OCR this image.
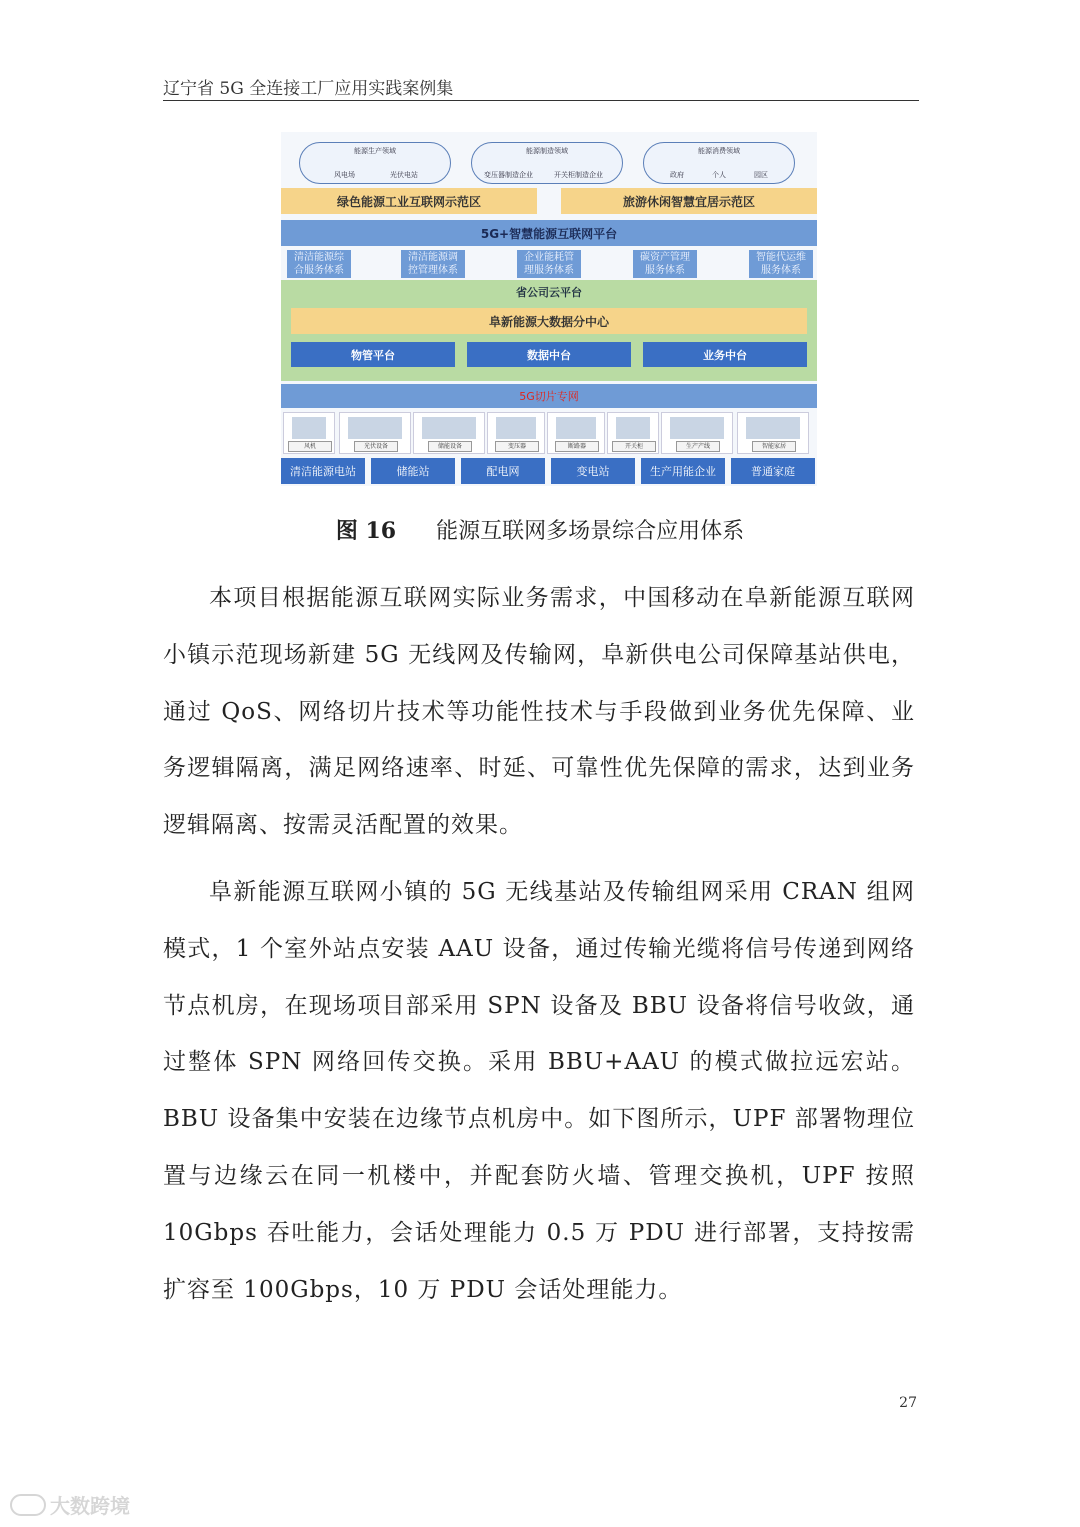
辽宁省 5G 全连接工厂应用实践案例集
能源生产领域
风电场	光伏电站
能源制造领域
变压器制造企业	开关柜制造企业
能源消费领域
政府	个人	园区
绿色能源工业互联网示范区	旅游休闲智慧宜居示范区
5G+智慧能源互联网平台
清洁能源综
合服务体系
清洁能源调
控管理体系
企业能耗管
理服务体系
碳资产管理
服务体系
智能代运维
服务体系
省公司云平台
阜新能源大数据分中心
物管平台	数据中台	业务中台
5G切片专网
风机	光伏设备	储能设备	变压器	断路器	开关柜	生产产线	智能家居
清洁能源电站	储能站	配电网	变电站	生产用能企业	普通家庭
图 16 能源互联网多场景综合应用体系

本项目根据能源互联网实际业务需求，中国移动在阜新能源互联网小镇示范现场新建 5G 无线网及传输网，阜新供电公司保障基站供电，通过 QoS、网络切片技术等功能性技术与手段做到业务优先保障、业务逻辑隔离，满足网络速率、时延、可靠性优先保障的需求，达到业务逻辑隔离、按需灵活配置的效果。

阜新能源互联网小镇的 5G 无线基站及传输组网采用 CRAN 组网模式，1 个室外站点安装 AAU 设备，通过传输光缆将信号传递到网络节点机房，在现场项目部采用 SPN 设备及 BBU 设备将信号收敛，通过整体 SPN 网络回传交换。采用 BBU+AAU 的模式做拉远宏站。BBU 设备集中安装在边缘节点机房中。如下图所示，UPF 部署物理位置与边缘云在同一机楼中，并配套防火墙、管理交换机，UPF 按照 10Gbps 吞吐能力，会话处理能力 0.5 万 PDU 进行部署，支持按需扩容至 100Gbps，10 万 PDU 会话处理能力。

27
大数跨境
